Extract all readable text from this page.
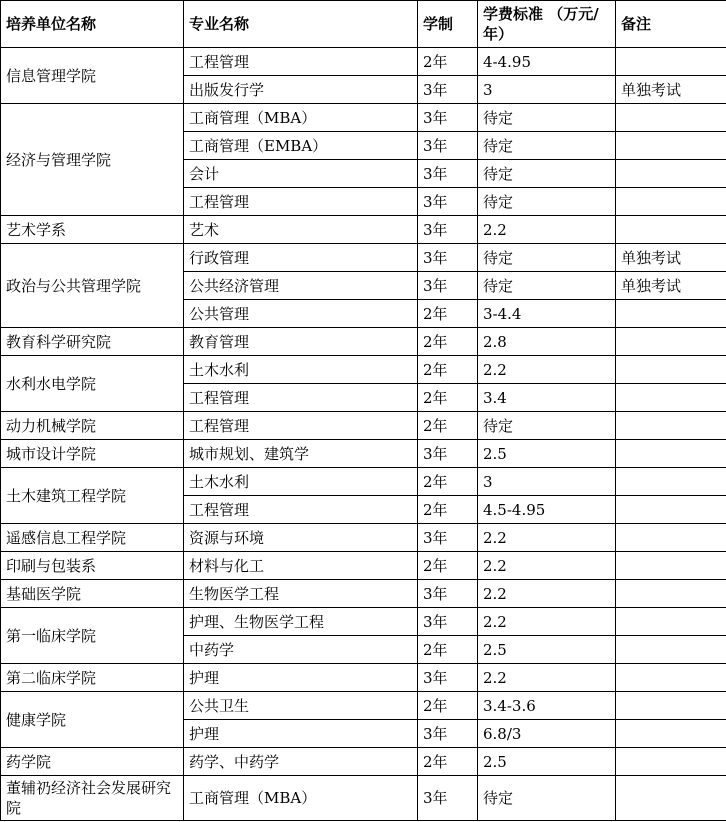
培养单位名称	专业名称	学制	学费标准 （万元/年）	备注
信息管理学院	工程管理	2年	4-4.95	
	出版发行学	3年	3	单独考试
经济与管理学院	工商管理（MBA）	3年	待定	
	工商管理（EMBA）	3年	待定	
	会计	3年	待定	
	工程管理	3年	待定	
艺术学系	艺术	3年	2.2	
政治与公共管理学院	行政管理	3年	待定	单独考试
	公共经济管理	3年	待定	单独考试
	公共管理	2年	3-4.4	
教育科学研究院	教育管理	2年	2.8	
水利水电学院	土木水利	2年	2.2	
	工程管理	2年	3.4	
动力机械学院	工程管理	2年	待定	
城市设计学院	城市规划、建筑学	3年	2.5	
土木建筑工程学院	土木水利	2年	3	
	工程管理	2年	4.5-4.95	
遥感信息工程学院	资源与环境	3年	2.2	
印刷与包装系	材料与化工	2年	2.2	
基础医学院	生物医学工程	3年	2.2	
第一临床学院	护理、生物医学工程	3年	2.2	
	中药学	2年	2.5	
第二临床学院	护理	3年	2.2	
健康学院	公共卫生	2年	3.4-3.6	
	护理	3年	6.8/3	
药学院	药学、中药学	2年	2.5	
董辅礽经济社会发展研究院	工商管理（MBA）	3年	待定	
